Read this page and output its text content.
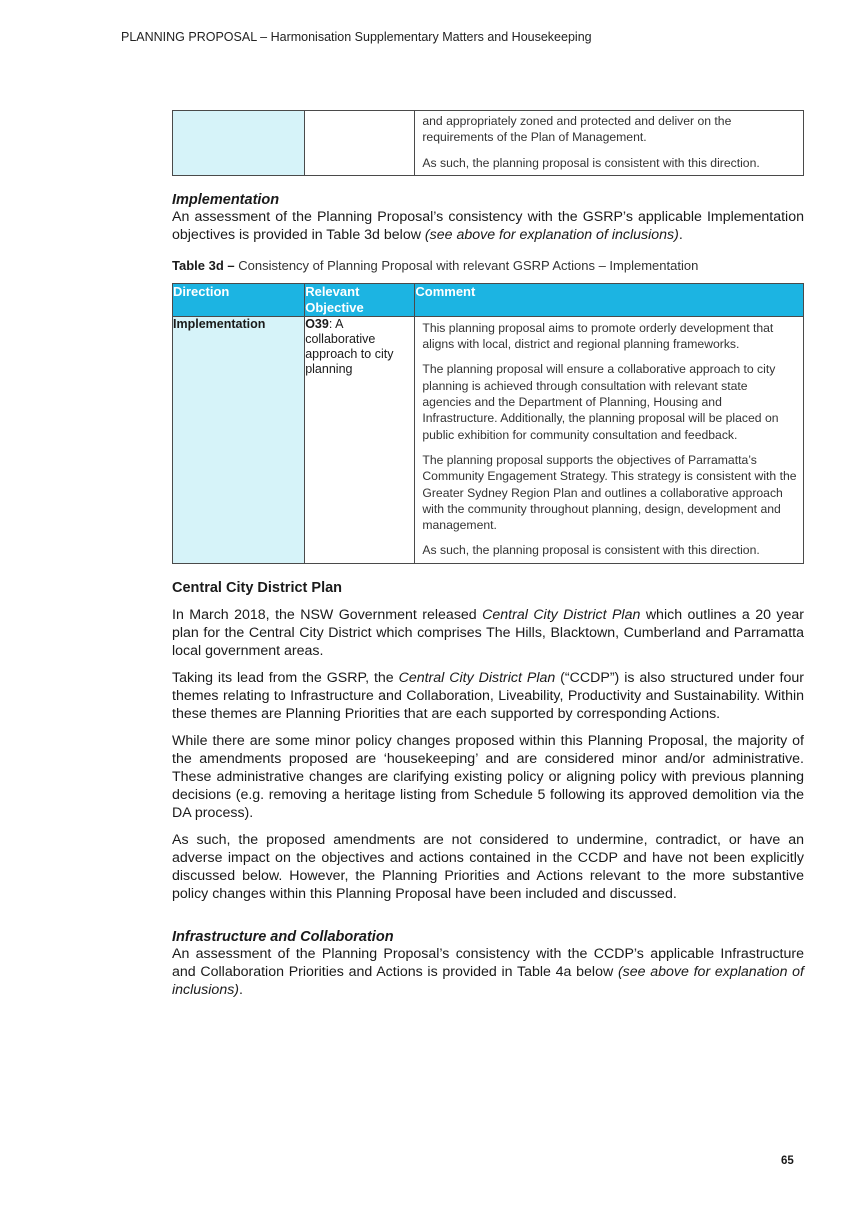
PLANNING PROPOSAL – Harmonisation Supplementary Matters and Housekeeping

and appropriately zoned and protected and deliver on the requirements of the Plan of Management.

As such, the planning proposal is consistent with this direction.

Implementation

An assessment of the Planning Proposal’s consistency with the GSRP’s applicable Implementation objectives is provided in Table 3d below (see above for explanation of inclusions).

Table 3d – Consistency of Planning Proposal with relevant GSRP Actions – Implementation

Direction	Relevant Objective	Comment
Implementation	O39: A collaborative approach to city planning	This planning proposal aims to promote orderly development that aligns with local, district and regional planning frameworks.

The planning proposal will ensure a collaborative approach to city planning is achieved through consultation with relevant state agencies and the Department of Planning, Housing and Infrastructure. Additionally, the planning proposal will be placed on public exhibition for community consultation and feedback.

The planning proposal supports the objectives of Parramatta’s Community Engagement Strategy. This strategy is consistent with the Greater Sydney Region Plan and outlines a collaborative approach with the community throughout planning, design, development and management.

As such, the planning proposal is consistent with this direction.

Central City District Plan

In March 2018, the NSW Government released Central City District Plan which outlines a 20 year plan for the Central City District which comprises The Hills, Blacktown, Cumberland and Parramatta local government areas.

Taking its lead from the GSRP, the Central City District Plan (“CCDP”) is also structured under four themes relating to Infrastructure and Collaboration, Liveability, Productivity and Sustainability. Within these themes are Planning Priorities that are each supported by corresponding Actions.

While there are some minor policy changes proposed within this Planning Proposal, the majority of the amendments proposed are ‘housekeeping’ and are considered minor and/or administrative. These administrative changes are clarifying existing policy or aligning policy with previous planning decisions (e.g. removing a heritage listing from Schedule 5 following its approved demolition via the DA process).

As such, the proposed amendments are not considered to undermine, contradict, or have an adverse impact on the objectives and actions contained in the CCDP and have not been explicitly discussed below. However, the Planning Priorities and Actions relevant to the more substantive policy changes within this Planning Proposal have been included and discussed.

Infrastructure and Collaboration

An assessment of the Planning Proposal’s consistency with the CCDP’s applicable Infrastructure and Collaboration Priorities and Actions is provided in Table 4a below (see above for explanation of inclusions).

65
